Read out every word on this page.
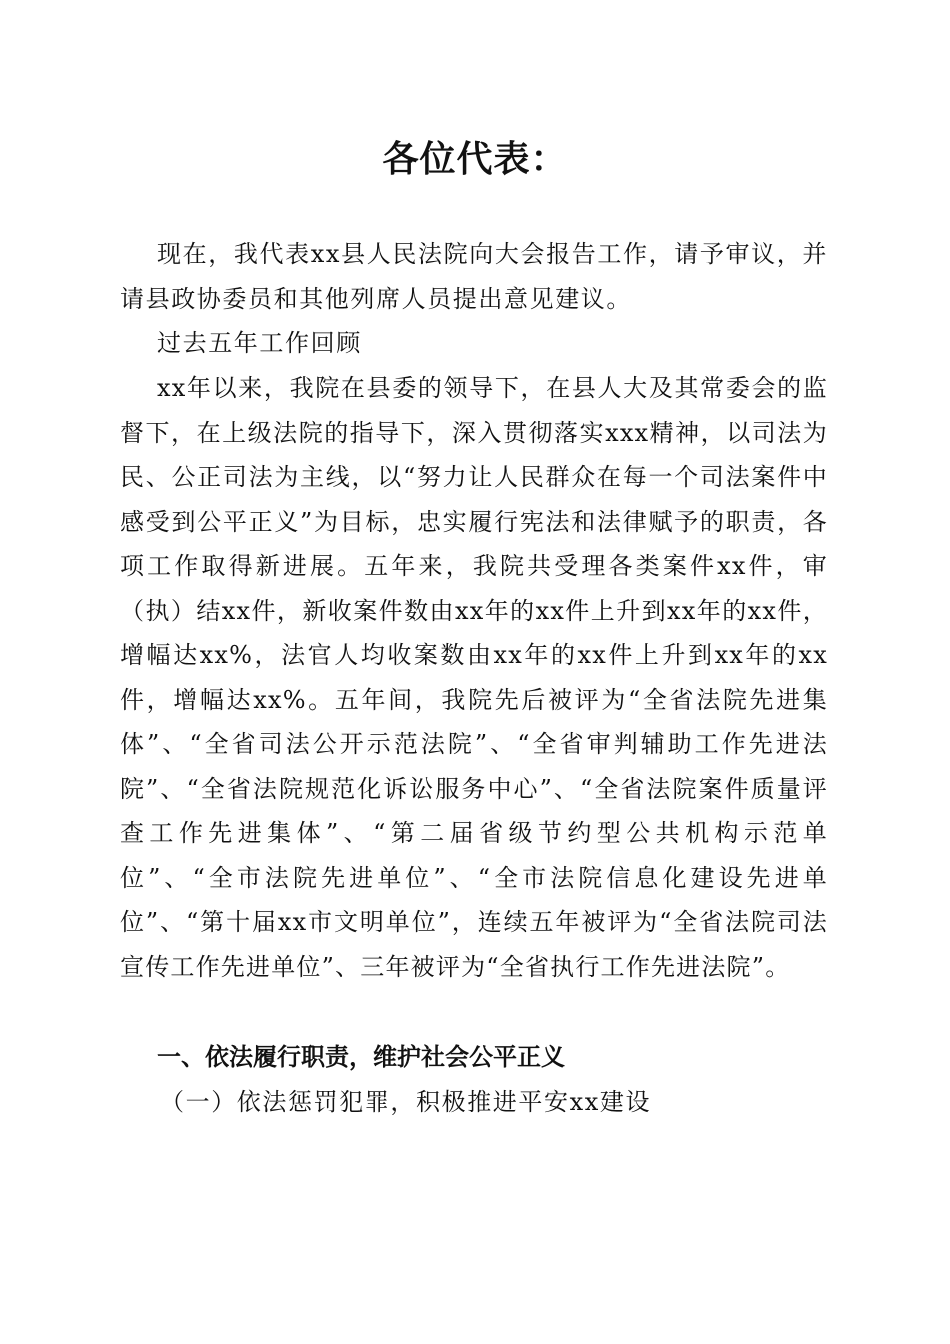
各位代表：

现在，我代表xx县人民法院向大会报告工作，请予审议，并请县政协委员和其他列席人员提出意见建议。

过去五年工作回顾

xx年以来，我院在县委的领导下，在县人大及其常委会的监督下，在上级法院的指导下，深入贯彻落实xxx精神，以司法为民、公正司法为主线，以“努力让人民群众在每一个司法案件中感受到公平正义”为目标，忠实履行宪法和法律赋予的职责，各项工作取得新进展。五年来，我院共受理各类案件xx件，审（执）结xx件，新收案件数由xx年的xx件上升到xx年的xx件，增幅达xx%，法官人均收案数由xx年的xx件上升到xx年的xx件，增幅达xx%。五年间，我院先后被评为“全省法院先进集体”、“全省司法公开示范法院”、“全省审判辅助工作先进法院”、“全省法院规范化诉讼服务中心”、“全省法院案件质量评查工作先进集体”、“第二届省级节约型公共机构示范单位”、“全市法院先进单位”、“全市法院信息化建设先进单位”、“第十届xx市文明单位”，连续五年被评为“全省法院司法宣传工作先进单位”、三年被评为“全省执行工作先进法院”。

一、依法履行职责，维护社会公平正义
（一）依法惩罚犯罪，积极推进平安xx建设
